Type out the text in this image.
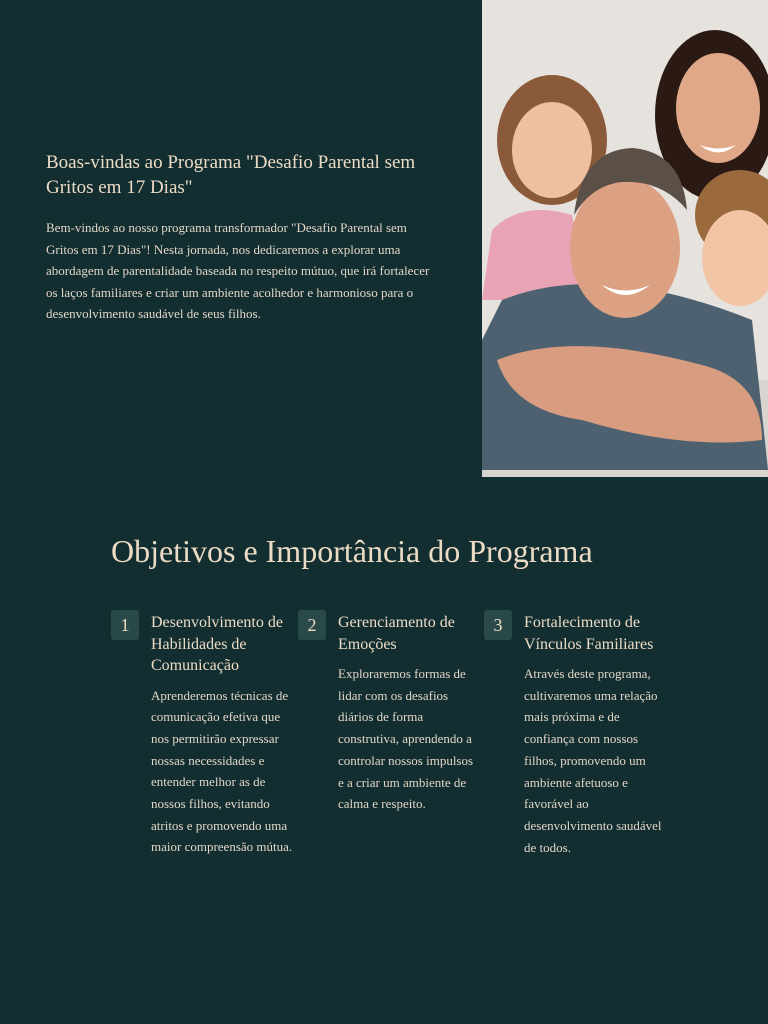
Boas-vindas ao Programa "Desafio Parental sem Gritos em 17 Dias"

Bem-vindos ao nosso programa transformador "Desafio Parental sem Gritos em 17 Dias"! Nesta jornada, nos dedicaremos a explorar uma abordagem de parentalidade baseada no respeito mútuo, que irá fortalecer os laços familiares e criar um ambiente acolhedor e harmonioso para o desenvolvimento saudável de seus filhos.

Objetivos e Importância do Programa
1	Desenvolvimento de Habilidades de Comunicação

Aprenderemos técnicas de comunicação efetiva que nos permitirão expressar nossas necessidades e entender melhor as de nossos filhos, evitando atritos e promovendo uma maior compreensão mútua.

2	Gerenciamento de Emoções

Exploraremos formas de lidar com os desafios diários de forma construtiva, aprendendo a controlar nossos impulsos e a criar um ambiente de calma e respeito.

3	Fortalecimento de Vínculos Familiares

Através deste programa, cultivaremos uma relação mais próxima e de confiança com nossos filhos, promovendo um ambiente afetuoso e favorável ao desenvolvimento saudável de todos.
